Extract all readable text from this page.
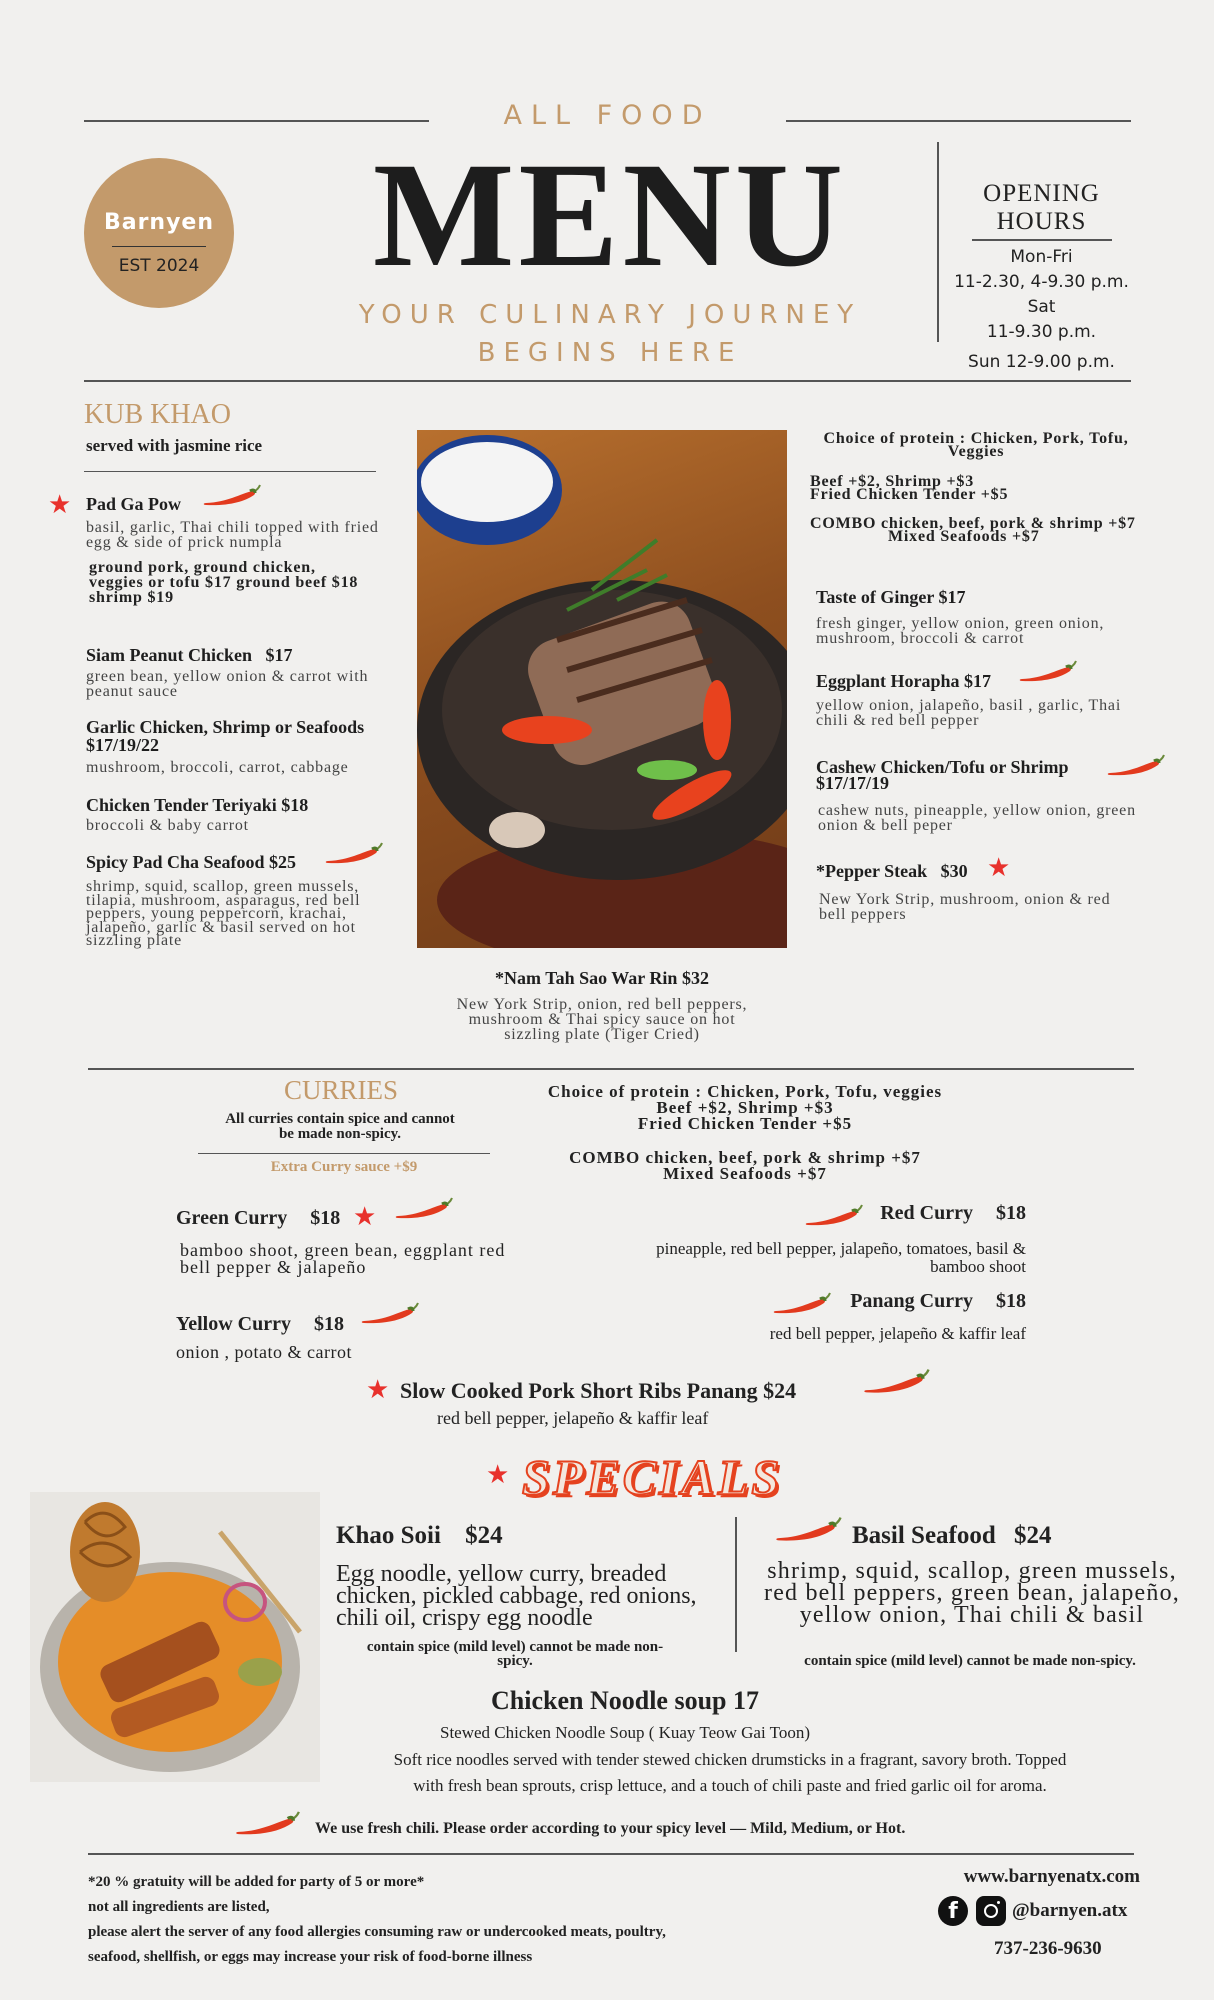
ALL FOOD
MENU
YOUR CULINARY JOURNEY
BEGINS HERE
Barnyen
EST 2024
OPENING
HOURS
Mon-Fri
11-2.30, 4-9.30 p.m.
Sat
11-9.30 p.m.
Sun 12-9.00 p.m.
KUB KHAO
served with jasmine rice
★ Pad Ga Pow
basil, garlic, Thai chili topped with fried egg & side of prick numpla
ground pork, ground chicken, veggies or tofu $17 ground beef $18 shrimp $19
Siam Peanut Chicken   $17
green bean, yellow onion & carrot with peanut sauce
Garlic Chicken, Shrimp or Seafoods $17/19/22
mushroom, broccoli, carrot, cabbage
Chicken Tender Teriyaki $18
broccoli & baby carrot
Spicy Pad Cha Seafood $25
shrimp, squid, scallop, green mussels, tilapia, mushroom, asparagus, red bell peppers, young peppercorn, krachai, jalapeño, garlic & basil served on hot sizzling plate
*Nam Tah Sao War Rin $32
New York Strip, onion, red bell peppers, mushroom & Thai spicy sauce on hot sizzling plate (Tiger Cried)
Choice of protein : Chicken, Pork, Tofu, Veggies
Beef +$2, Shrimp +$3
Fried Chicken Tender +$5
COMBO chicken, beef, pork & shrimp +$7
Mixed Seafoods +$7
Taste of Ginger $17
fresh ginger, yellow onion, green onion, mushroom, broccoli & carrot
Eggplant Horapha $17
yellow onion, jalapeño, basil , garlic, Thai chili & red bell pepper
Cashew Chicken/Tofu or Shrimp $17/17/19
cashew nuts, pineapple, yellow onion, green onion & bell peper
*Pepper Steak   $30 ★
New York Strip, mushroom, onion & red bell peppers
CURRIES
All curries contain spice and cannot be made non-spicy.
Extra Curry sauce +$9
Choice of protein : Chicken, Pork, Tofu, veggies
Beef +$2, Shrimp +$3
Fried Chicken Tender +$5
COMBO chicken, beef, pork & shrimp +$7
Mixed Seafoods +$7
Green Curry $18 ★
bamboo shoot, green bean, eggplant red bell pepper & jalapeño
Yellow Curry $18
onion , potato & carrot
Red Curry $18
pineapple, red bell pepper, jalapeño, tomatoes, basil & bamboo shoot
Panang Curry $18
red bell pepper, jelapeño & kaffir leaf
★ Slow Cooked Pork Short Ribs Panang $24
red bell pepper, jelapeño & kaffir leaf
★ SPECIALS
Khao Soii $24
Egg noodle, yellow curry, breaded chicken, pickled cabbage, red onions, chili oil, crispy egg noodle
contain spice (mild level) cannot be made non-spicy.
Basil Seafood $24
shrimp, squid, scallop, green mussels, red bell peppers, green bean, jalapeño, yellow onion, Thai chili & basil
contain spice (mild level) cannot be made non-spicy.
Chicken Noodle soup 17
Stewed Chicken Noodle Soup ( Kuay Teow Gai Toon)
Soft rice noodles served with tender stewed chicken drumsticks in a fragrant, savory broth. Topped
with fresh bean sprouts, crisp lettuce, and a touch of chili paste and fried garlic oil for aroma.
We use fresh chili. Please order according to your spicy level — Mild, Medium, or Hot.
*20 % gratuity will be added for party of 5 or more*
not all ingredients are listed,
please alert the server of any food allergies consuming raw or undercooked meats, poultry,
seafood, shellfish, or eggs may increase your risk of food-borne illness
www.barnyenatx.com
f	@barnyen.atx
737-236-9630
